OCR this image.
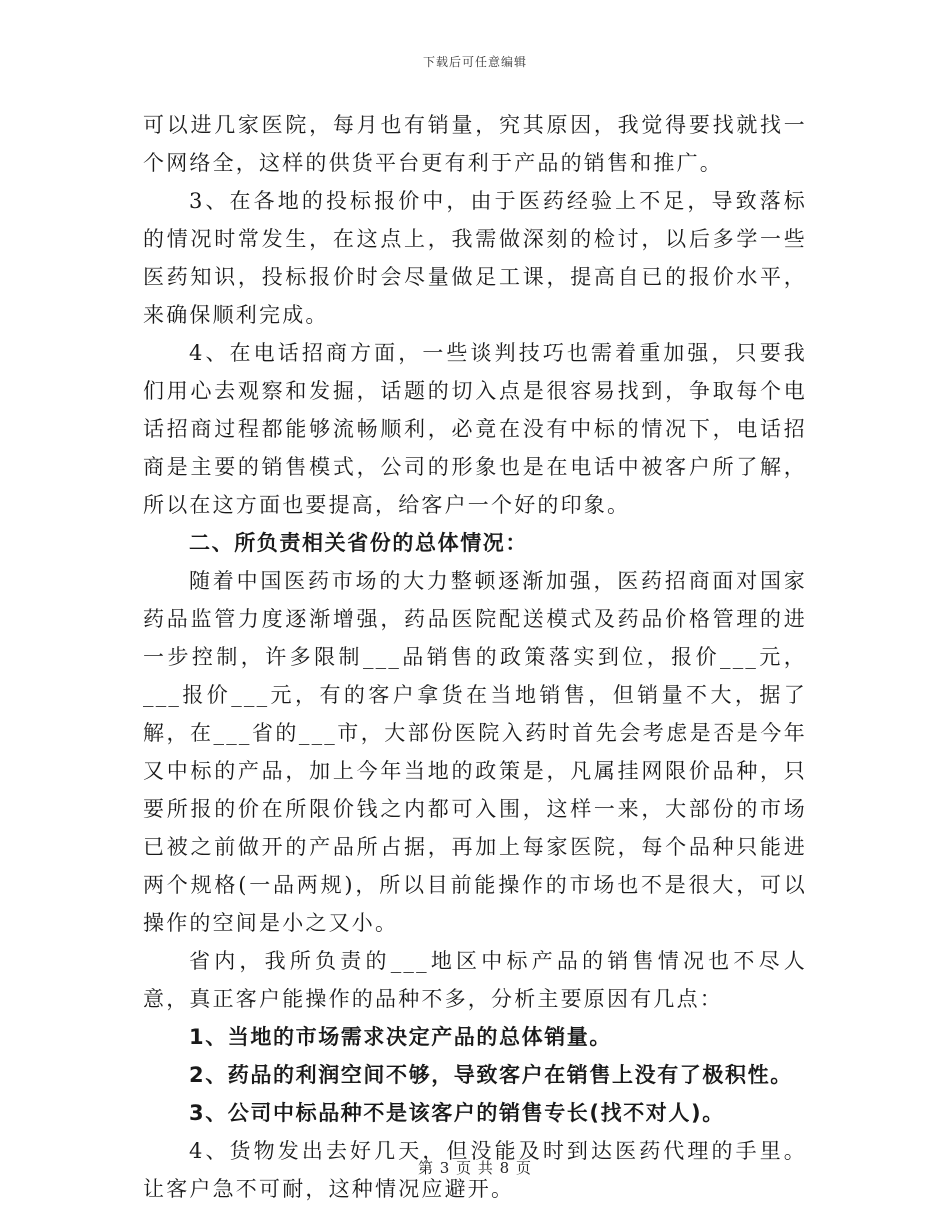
下载后可任意编辑

可以进几家医院，每月也有销量，究其原因，我觉得要找就找一个网络全，这样的供货平台更有利于产品的销售和推广。

3、在各地的投标报价中，由于医药经验上不足，导致落标的情况时常发生，在这点上，我需做深刻的检讨，以后多学一些医药知识，投标报价时会尽量做足工课，提高自已的报价水平，来确保顺利完成。

4、在电话招商方面，一些谈判技巧也需着重加强，只要我们用心去观察和发掘，话题的切入点是很容易找到，争取每个电话招商过程都能够流畅顺利，必竟在没有中标的情况下，电话招商是主要的销售模式，公司的形象也是在电话中被客户所了解，所以在这方面也要提高，给客户一个好的印象。

二、所负责相关省份的总体情况：

随着中国医药市场的大力整顿逐渐加强，医药招商面对国家药品监管力度逐渐增强，药品医院配送模式及药品价格管理的进一步控制，许多限制___品销售的政策落实到位，报价___元，___报价___元，有的客户拿货在当地销售，但销量不大，据了解，在___省的___市，大部份医院入药时首先会考虑是否是今年又中标的产品，加上今年当地的政策是，凡属挂网限价品种，只要所报的价在所限价钱之内都可入围，这样一来，大部份的市场已被之前做开的产品所占据，再加上每家医院，每个品种只能进两个规格(一品两规)，所以目前能操作的市场也不是很大，可以操作的空间是小之又小。

省内，我所负责的___地区中标产品的销售情况也不尽人意，真正客户能操作的品种不多，分析主要原因有几点：

1、当地的市场需求决定产品的总体销量。

2、药品的利润空间不够，导致客户在销售上没有了极积性。

3、公司中标品种不是该客户的销售专长(找不对人)。

4、货物发出去好几天，但没能及时到达医药代理的手里。让客户急不可耐，这种情况应避开。

第 3 页 共 8 页
